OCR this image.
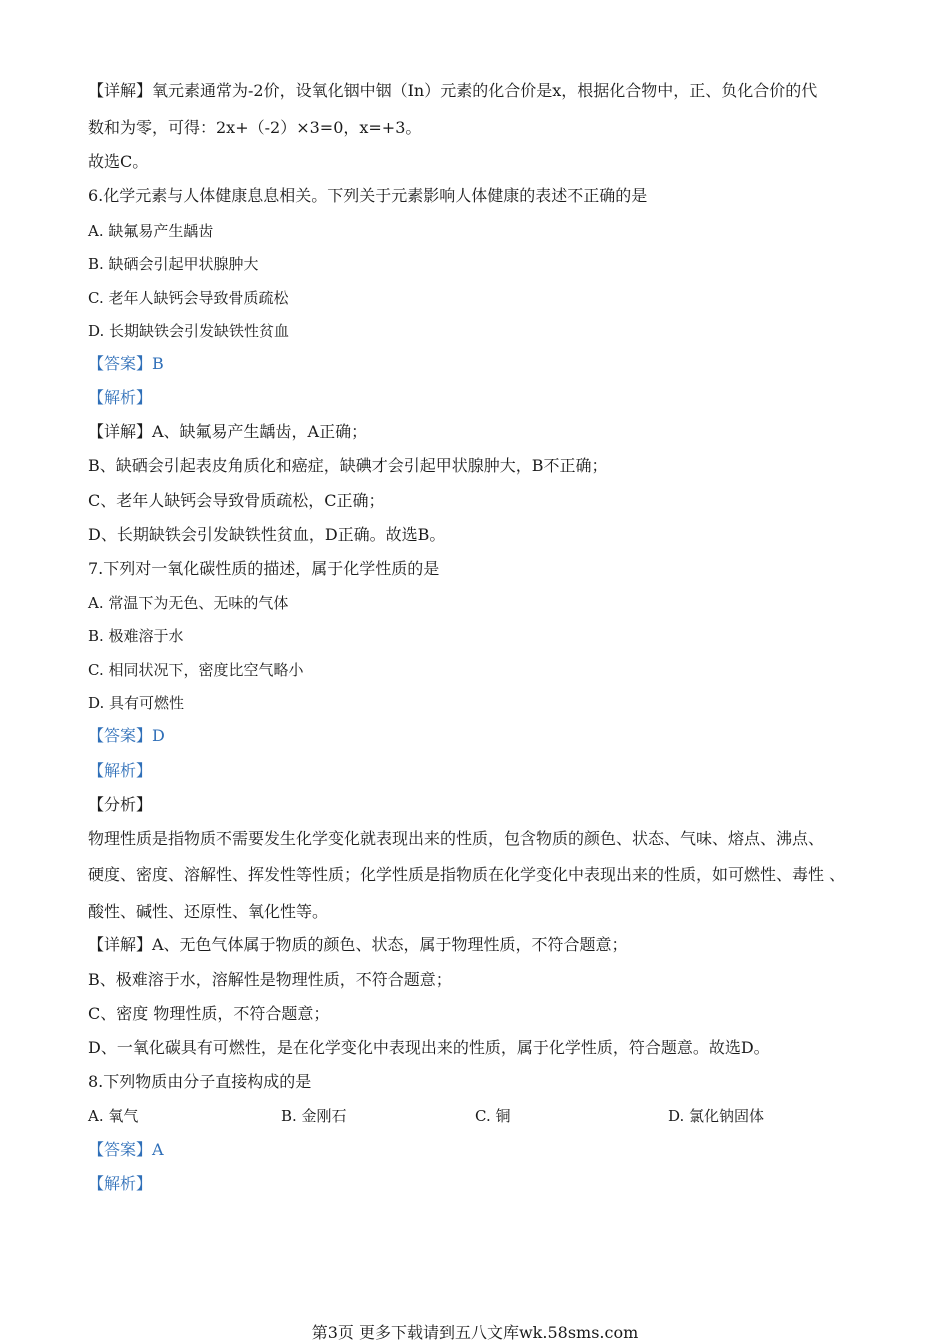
【详解】氧元素通常为-2价，设氧化铟中铟（In）元素的化合价是x，根据化合物中，正、负化合价的代
数和为零，可得：2x+（-2）×3=0，x=+3。
故选C。
6.化学元素与人体健康息息相关。下列关于元素影响人体健康的表述不正确的是
A. 缺氟易产生龋齿
B. 缺硒会引起甲状腺肿大
C. 老年人缺钙会导致骨质疏松
D. 长期缺铁会引发缺铁性贫血
【答案】B
【解析】
【详解】A、缺氟易产生龋齿，A正确；
B、缺硒会引起表皮角质化和癌症，缺碘才会引起甲状腺肿大，B不正确；
C、老年人缺钙会导致骨质疏松，C正确；
D、长期缺铁会引发缺铁性贫血，D正确。故选B。
7.下列对一氧化碳性质的描述，属于化学性质的是
A. 常温下为无色、无味的气体
B. 极难溶于水
C. 相同状况下，密度比空气略小
D. 具有可燃性
【答案】D
【解析】
【分析】
物理性质是指物质不需要发生化学变化就表现出来的性质，包含物质的颜色、状态、气味、熔点、沸点、
硬度、密度、溶解性、挥发性等性质；化学性质是指物质在化学变化中表现出来的性质，如可燃性、毒性 、
酸性、碱性、还原性、氧化性等。
【详解】A、无色气体属于物质的颜色、状态，属于物理性质，不符合题意；
B、极难溶于水，溶解性是物理性质，不符合题意；
C、密度 物理性质，不符合题意；
D、一氧化碳具有可燃性，是在化学变化中表现出来的性质，属于化学性质，符合题意。故选D。
8.下列物质由分子直接构成的是
A. 氧气	B. 金刚石	C. 铜	D. 氯化钠固体
【答案】A
【解析】
第3页 更多下载请到五八文库wk.58sms.com
